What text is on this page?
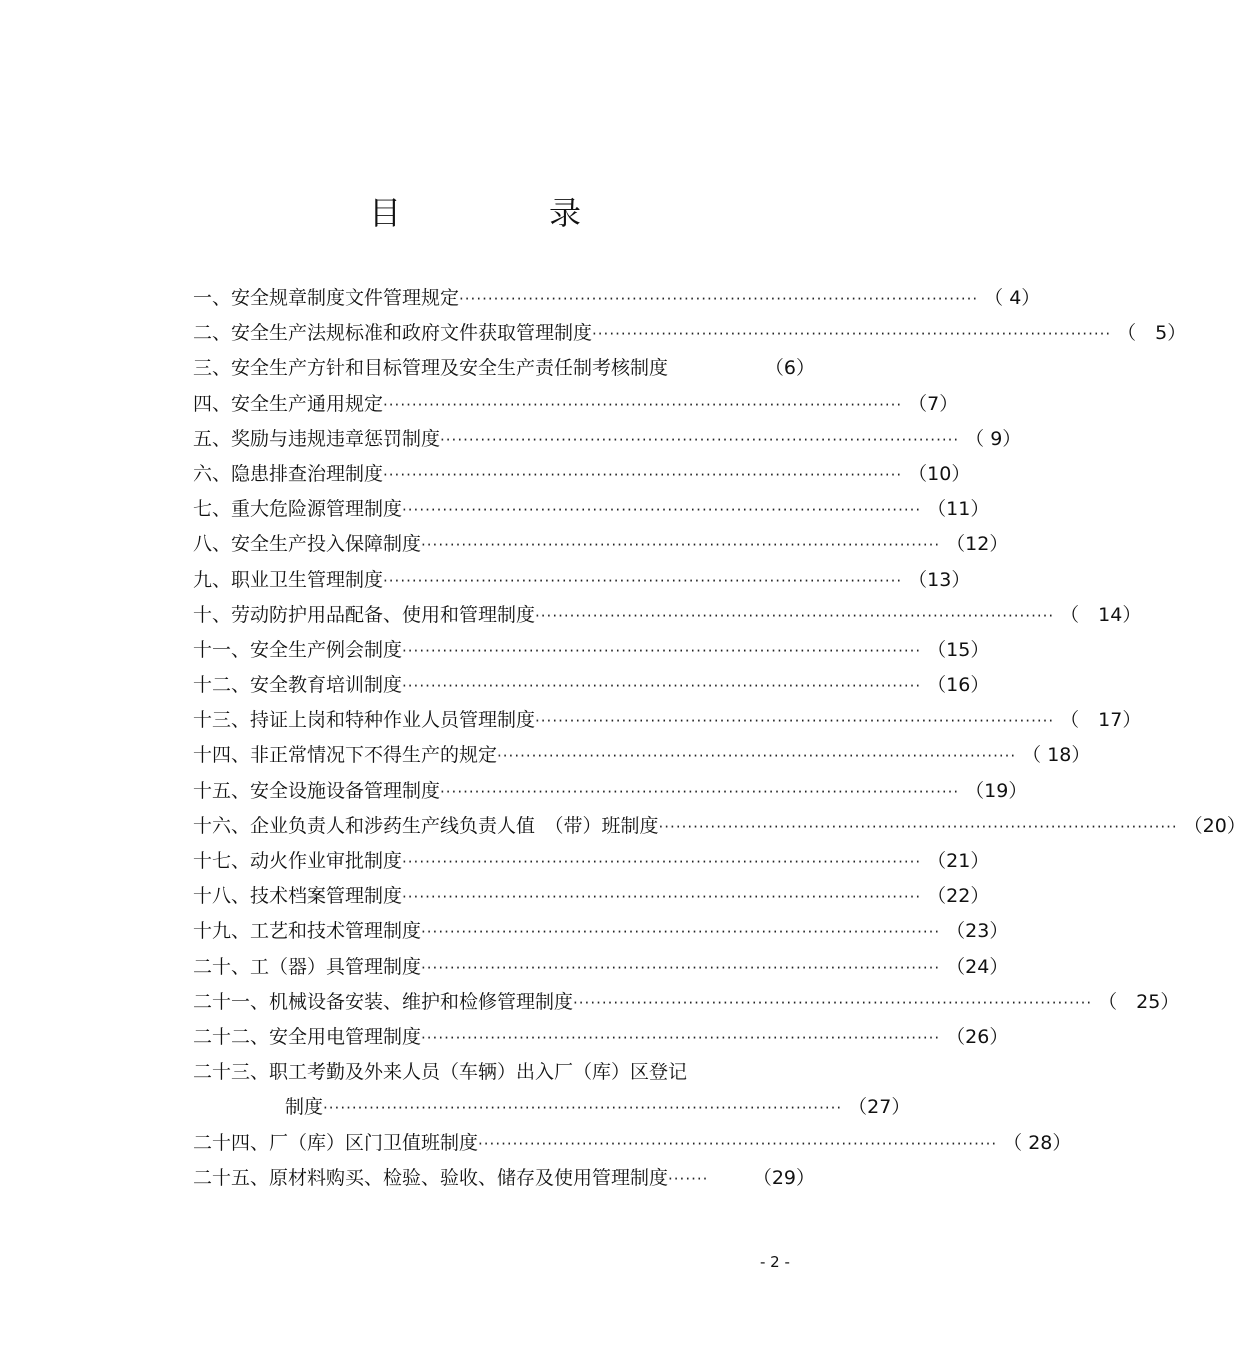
目　录
一、安全规章制度文件管理规定 ·························································································· （ 4）
二、安全生产法规标准和政府文件获取管理制度 ·························································································· （　5）
三、安全生产方针和目标管理及安全生产责任制考核制度	（6）
四、安全生产通用规定 ·························································································· （7）
五、奖励与违规违章惩罚制度 ·························································································· （ 9）
六、隐患排查治理制度 ·························································································· （10）
七、重大危险源管理制度 ·························································································· （11）
八、安全生产投入保障制度 ·························································································· （12）
九、职业卫生管理制度 ·························································································· （13）
十、劳动防护用品配备、使用和管理制度 ·························································································· （　14）
十一、安全生产例会制度 ·························································································· （15）
十二、安全教育培训制度 ·························································································· （16）
十三、持证上岗和特种作业人员管理制度 ·························································································· （　17）
十四、非正常情况下不得生产的规定 ·························································································· （ 18）
十五、安全设施设备管理制度 ·························································································· （19）
十六、企业负责人和涉药生产线负责人值　（带）班制度 ·························································································· （20）
十七、动火作业审批制度 ·························································································· （21）
十八、技术档案管理制度 ·························································································· （22）
十九、工艺和技术管理制度 ·························································································· （23）
二十、工（器）具管理制度 ·························································································· （24）
二十一、机械设备安装、维护和检修管理制度 ·························································································· （　25）
二十二、安全用电管理制度 ·························································································· （26）
二十三、职工考勤及外来人员（车辆）出入厂（库）区登记
制度 ·························································································· （27）
二十四、厂（库）区门卫值班制度 ·························································································· （ 28）
二十五、原材料购买、检验、验收、储存及使用管理制度 ·······	（29）
- 2 -
